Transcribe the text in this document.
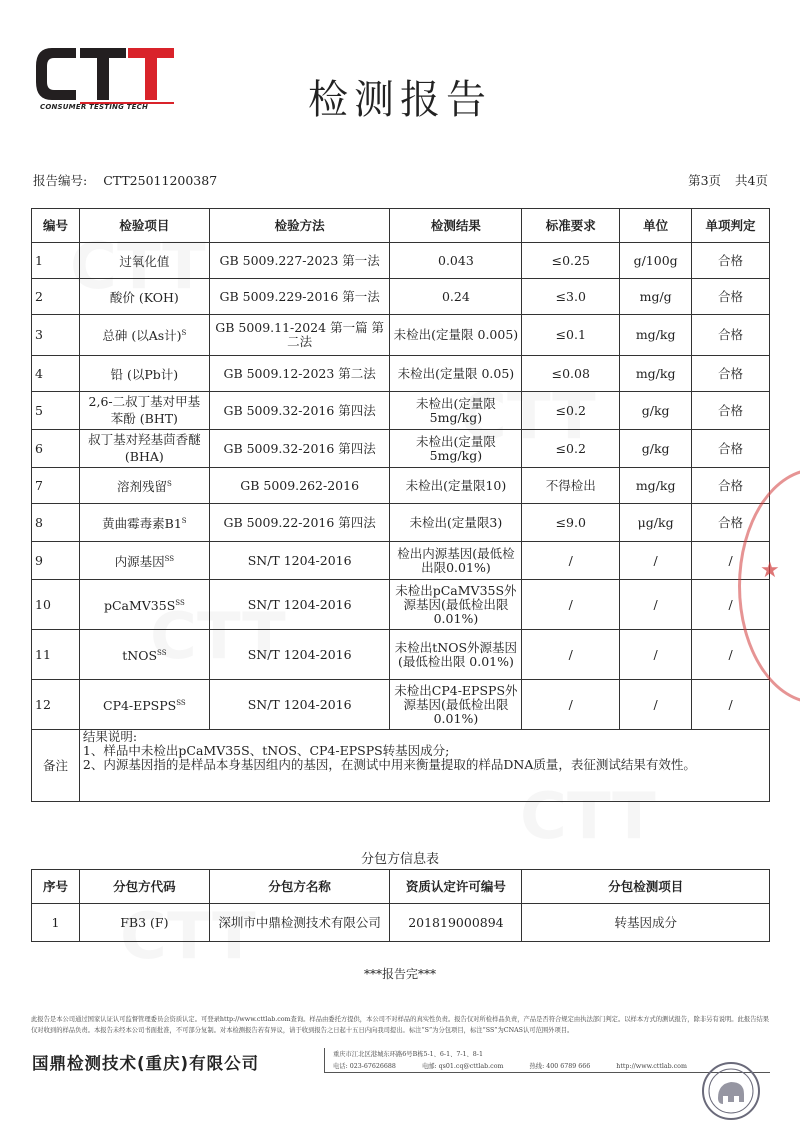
CONSUMER TESTING TECH	检测报告
报告编号: CTT25011200387	第3页 共4页
编号	检验项目	检验方法	检测结果	标准要求	单位	单项判定
1	过氧化值	GB 5009.227-2023 第一法	0.043	≤0.25	g/100g	合格
2	酸价 (KOH)	GB 5009.229-2016 第一法	0.24	≤3.0	mg/g	合格
3	总砷 (以As计)$^S$	GB 5009.11-2024 第一篇 第二法	未检出(定量限 0.005)	≤0.1	mg/kg	合格
4	铅 (以Pb计)	GB 5009.12-2023 第二法	未检出(定量限 0.05)	≤0.08	mg/kg	合格
5	2,6-二叔丁基对甲基苯酚 (BHT)	GB 5009.32-2016 第四法	未检出(定量限 5mg/kg)	≤0.2	g/kg	合格
6	叔丁基对羟基茴香醚 (BHA)	GB 5009.32-2016 第四法	未检出(定量限 5mg/kg)	≤0.2	g/kg	合格
7	溶剂残留$^S$	GB 5009.262-2016	未检出(定量限10)	不得检出	mg/kg	合格
8	黄曲霉毒素$B1^S$	GB 5009.22-2016 第四法	未检出(定量限3)	≤9.0	μg/kg	合格
9	内源基因$^{SS}$	SN/T 1204-2016	检出内源基因(最低检出限0.01%)	/	/	/
10	$pCaMV35S^{SS}$	SN/T 1204-2016	未检出pCaMV35S外源基因(最低检出限 0.01%)	/	/	/
11	tNOS$^{SS}$	SN/T 1204-2016	未检出tNOS外源基因(最低检出限 0.01%)	/	/	/
12	$CP4-EPSPS^{SS}$	SN/T 1204-2016	未检出CP4-EPSPS外源基因(最低检出限 0.01%)	/	/	/
备注	结果说明:
1、样品中未检出pCaMV35S、tNOS、CP4-EPSPS转基因成分;
2、内源基因指的是样品本身基因组内的基因，在测试中用来衡量提取的样品DNA质量，表征测试结果有效性。					
★
分包方信息表
序号	分包方代码	分包方名称	资质认定许可编号	分包检测项目
1	FB3 (F)	深圳市中鼎检测技术有限公司	201819000894	转基因成分
***报告完***
此报告是本公司通过国家认证认可监督管理委员会资质认定。可登录http://www.cttlab.com查询。样品由委托方提供，本公司不对样品的真实性负责。报告仅对所检样品负责，产品是否符合规定由执法部门判定。以样本方式的测试报告，除非另有说明。此报告结果仅对收到的样品负责。本报告未经本公司书面批准，不可部分复制。对本检测报告若有异议，请于收到报告之日起十五日内向我司提出。标注“S”为分包项目，标注“SS”为CNAS认可范围外项目。
国鼎检测技术(重庆)有限公司	重庆市江北区港城东环路6号B栋5-1、6-1、7-1、8-1
电话: 023-67626688	电邮: qs01.cq@cttlab.com	热线: 400 6789 666	http://www.cttlab.com
